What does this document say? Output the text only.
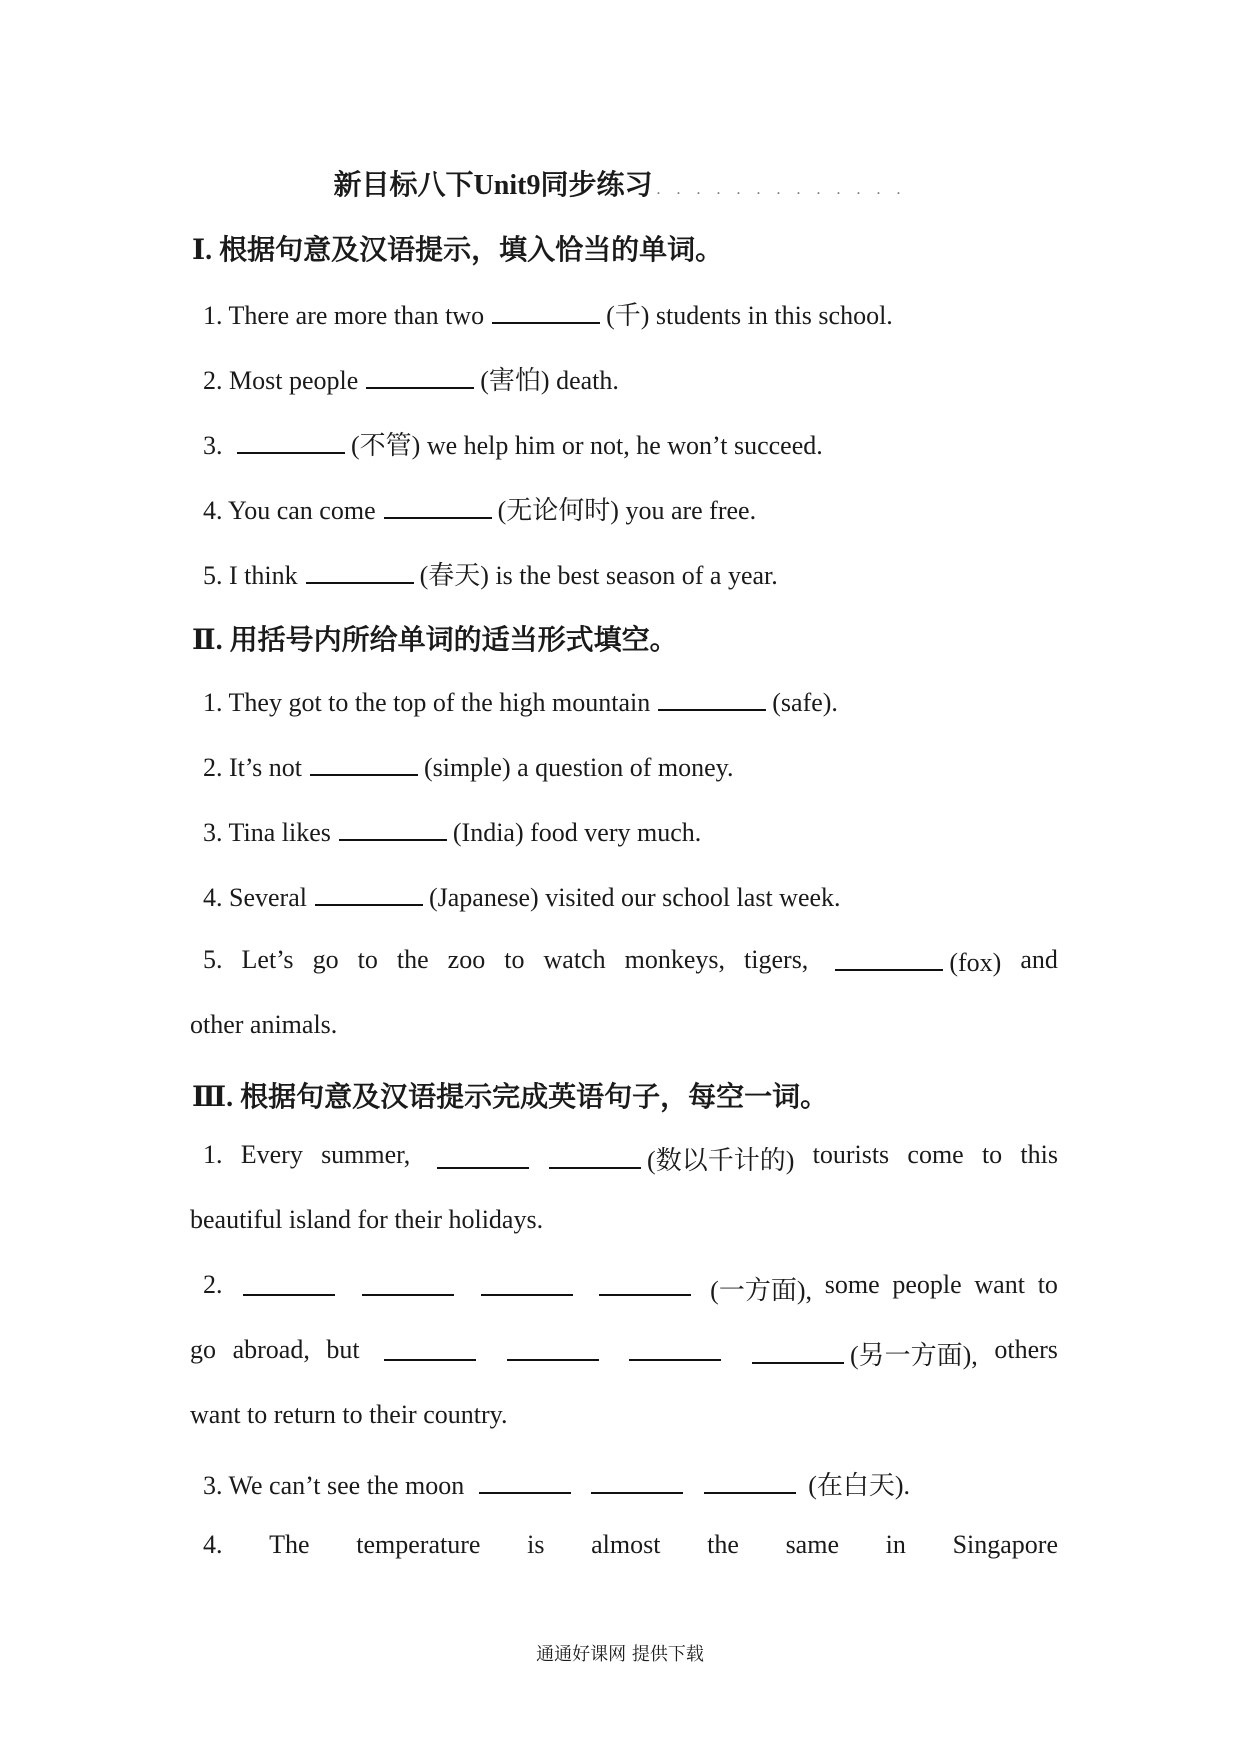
新目标八下Unit9同步练习 . . . . . . . . . . . . .
Ⅰ. 根据句意及汉语提示，填入恰当的单词。
1. There are more than two	(千) students in this school.
2. Most people	(害怕) death.
3.	(不管) we help him or not, he won’t succeed.
4. You can come	(无论何时) you are free.
5. I think	(春天) is the best season of a year.
Ⅱ. 用括号内所给单词的适当形式填空。
1. They got to the top of the high mountain	(safe).
2. It’s not	(simple) a question of money.
3. Tina likes	(India) food very much.
4. Several	(Japanese) visited our school last week.
5. Let’s go to the zoo to watch monkeys, tigers,	(fox) and
other animals.
Ⅲ. 根据句意及汉语提示完成英语句子，每空一词。
1. Every summer,	(数以千计的) tourists come to this
beautiful island for their holidays.
2.	(一方面), some people want to
go abroad, but	(另一方面), others
want to return to their country.
3. We can’t see the moon	(在白天).
4. The temperature is almost the same in Singapore
通通好课网 提供下载
